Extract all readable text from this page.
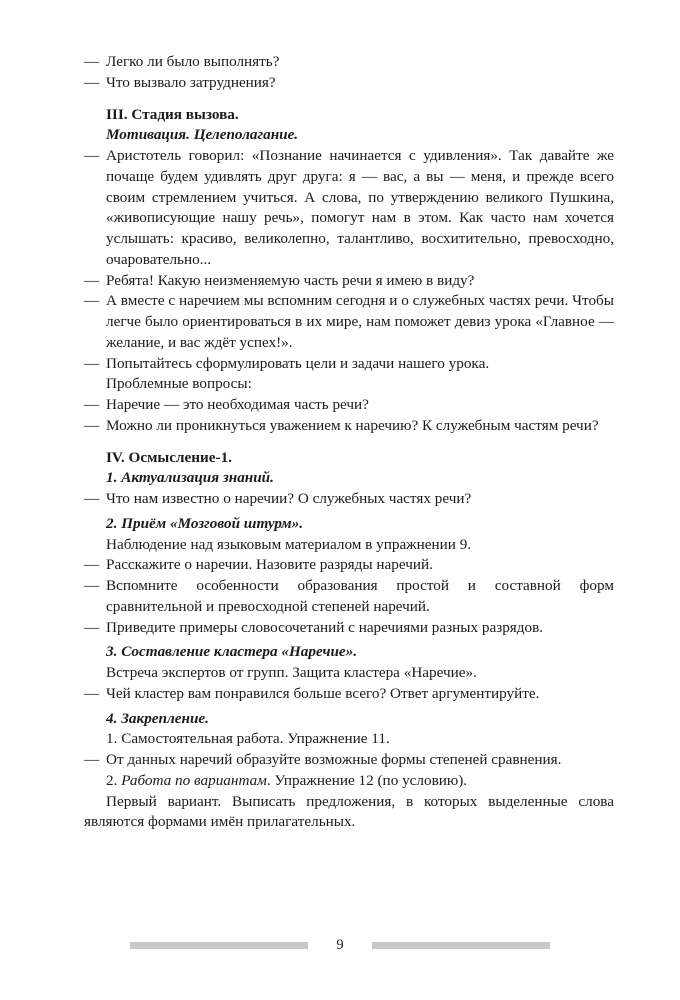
— Легко ли было выполнять?

— Что вызвало затруднения?

III. Стадия вызова.

Мотивация. Целеполагание.

— Аристотель говорил: «Познание начинается с удивления». Так давайте же почаще будем удивлять друг друга: я — вас, а вы — меня, и прежде всего своим стремлением учиться. А слова, по утверждению великого Пушкина, «живописующие нашу речь», помогут нам в этом. Как часто нам хочется услышать: красиво, великолепно, талантливо, восхитительно, превосходно, очаровательно...

— Ребята! Какую неизменяемую часть речи я имею в виду?

— А вместе с наречием мы вспомним сегодня и о служебных частях речи. Чтобы легче было ориентироваться в их мире, нам поможет девиз урока «Главное — желание, и вас ждёт успех!».

— Попытайтесь сформулировать цели и задачи нашего урока.

Проблемные вопросы:

— Наречие — это необходимая часть речи?

— Можно ли проникнуться уважением к наречию? К служебным частям речи?

IV. Осмысление-1.

1. Актуализация знаний.

— Что нам известно о наречии? О служебных частях речи?

2. Приём «Мозговой штурм».

Наблюдение над языковым материалом в упражнении 9.

— Расскажите о наречии. Назовите разряды наречий.

— Вспомните особенности образования простой и составной форм сравнительной и превосходной степеней наречий.

— Приведите примеры словосочетаний с наречиями разных разрядов.

3. Составление кластера «Наречие».

Встреча экспертов от групп. Защита кластера «Наречие».

— Чей кластер вам понравился больше всего? Ответ аргументируйте.

4. Закрепление.

1. Самостоятельная работа. Упражнение 11.

— От данных наречий образуйте возможные формы степеней сравнения.

2. Работа по вариантам. Упражнение 12 (по условию).

Первый вариант. Выписать предложения, в которых выделенные слова являются формами имён прилагательных.

9
